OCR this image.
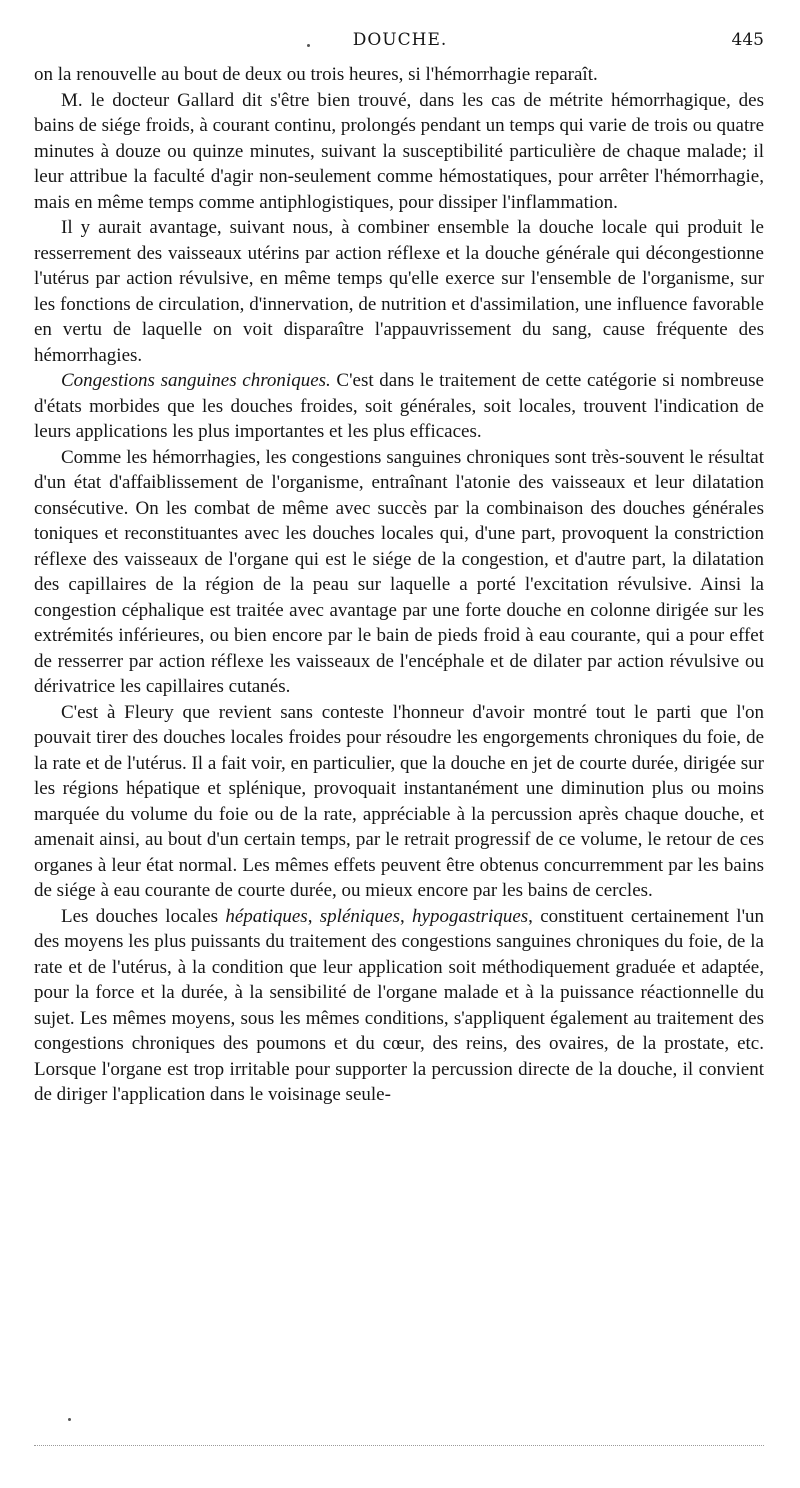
DOUCHE.	445

on la renouvelle au bout de deux ou trois heures, si l'hémorrhagie reparaît.

M. le docteur Gallard dit s'être bien trouvé, dans les cas de métrite hémorrhagique, des bains de siége froids, à courant continu, prolongés pendant un temps qui varie de trois ou quatre minutes à douze ou quinze minutes, suivant la susceptibilité particulière de chaque malade; il leur attribue la faculté d'agir non-seulement comme hémostatiques, pour arrêter l'hémorrhagie, mais en même temps comme antiphlogistiques, pour dissiper l'inflammation.

Il y aurait avantage, suivant nous, à combiner ensemble la douche locale qui produit le resserrement des vaisseaux utérins par action réflexe et la douche générale qui décongestionne l'utérus par action révulsive, en même temps qu'elle exerce sur l'ensemble de l'organisme, sur les fonctions de circulation, d'innervation, de nutrition et d'assimilation, une influence favorable en vertu de laquelle on voit disparaître l'appauvrissement du sang, cause fréquente des hémorrhagies.

Congestions sanguines chroniques. C'est dans le traitement de cette catégorie si nombreuse d'états morbides que les douches froides, soit générales, soit locales, trouvent l'indication de leurs applications les plus importantes et les plus efficaces.

Comme les hémorrhagies, les congestions sanguines chroniques sont très-souvent le résultat d'un état d'affaiblissement de l'organisme, entraînant l'atonie des vaisseaux et leur dilatation consécutive. On les combat de même avec succès par la combinaison des douches générales toniques et reconstituantes avec les douches locales qui, d'une part, provoquent la constriction réflexe des vaisseaux de l'organe qui est le siége de la congestion, et d'autre part, la dilatation des capillaires de la région de la peau sur laquelle a porté l'excitation révulsive. Ainsi la congestion céphalique est traitée avec avantage par une forte douche en colonne dirigée sur les extrémités inférieures, ou bien encore par le bain de pieds froid à eau courante, qui a pour effet de resserrer par action réflexe les vaisseaux de l'encéphale et de dilater par action révulsive ou dérivatrice les capillaires cutanés.

C'est à Fleury que revient sans conteste l'honneur d'avoir montré tout le parti que l'on pouvait tirer des douches locales froides pour résoudre les engorgements chroniques du foie, de la rate et de l'utérus. Il a fait voir, en particulier, que la douche en jet de courte durée, dirigée sur les régions hépatique et splénique, provoquait instantanément une diminution plus ou moins marquée du volume du foie ou de la rate, appréciable à la percussion après chaque douche, et amenait ainsi, au bout d'un certain temps, par le retrait progressif de ce volume, le retour de ces organes à leur état normal. Les mêmes effets peuvent être obtenus concurremment par les bains de siége à eau courante de courte durée, ou mieux encore par les bains de cercles.

Les douches locales hépatiques, spléniques, hypogastriques, constituent certainement l'un des moyens les plus puissants du traitement des congestions sanguines chroniques du foie, de la rate et de l'utérus, à la condition que leur application soit méthodiquement graduée et adaptée, pour la force et la durée, à la sensibilité de l'organe malade et à la puissance réactionnelle du sujet. Les mêmes moyens, sous les mêmes conditions, s'appliquent également au traitement des congestions chroniques des poumons et du cœur, des reins, des ovaires, de la prostate, etc. Lorsque l'organe est trop irritable pour supporter la percussion directe de la douche, il convient de diriger l'application dans le voisinage seule-
